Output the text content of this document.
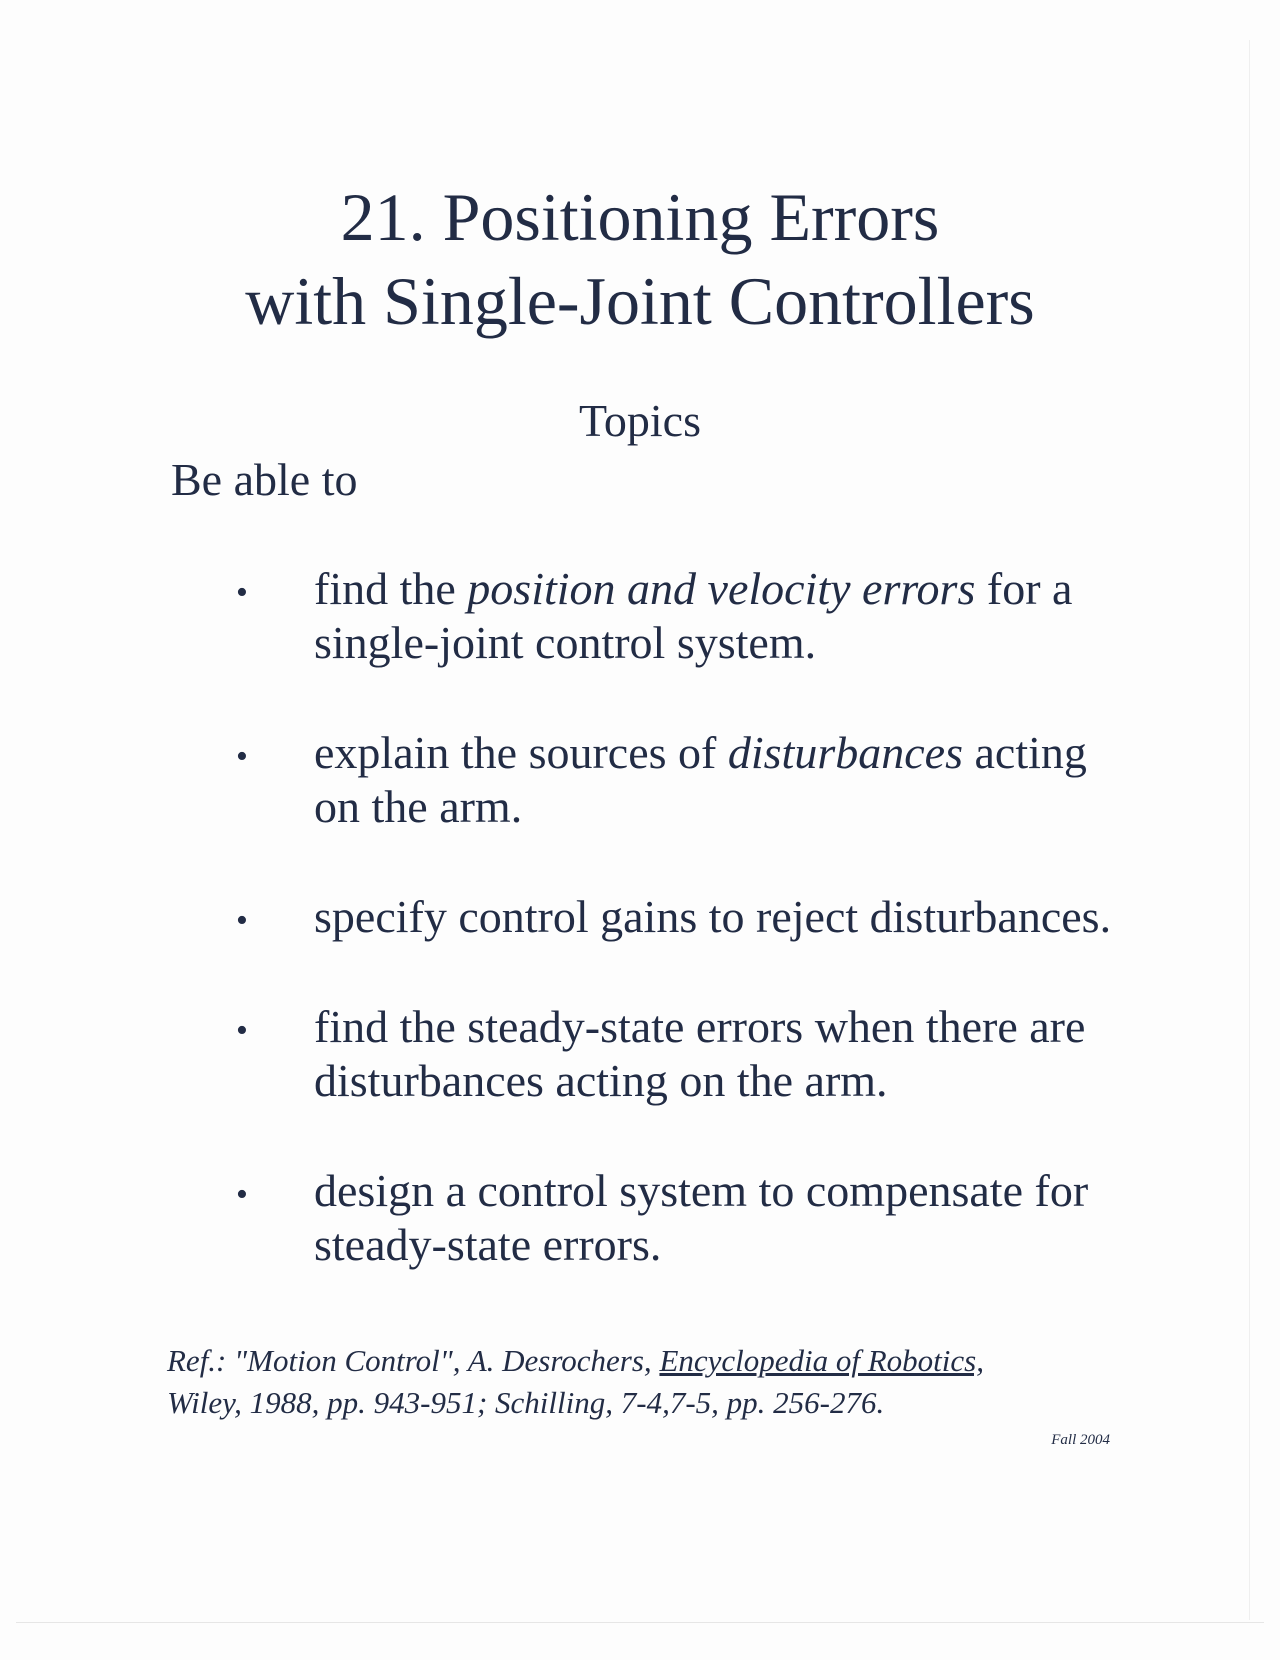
21. Positioning Errors
with Single-Joint Controllers
Topics
Be able to
• find the position and velocity errors for a single-joint control system.
• explain the sources of disturbances acting on the arm.
• specify control gains to reject disturbances.
• find the steady-state errors when there are disturbances acting on the arm.
• design a control system to compensate for steady-state errors.
Ref.: "Motion Control", A. Desrochers, Encyclopedia of Robotics,
Wiley, 1988, pp. 943-951; Schilling, 7-4,7-5, pp. 256-276.
Fall 2004
